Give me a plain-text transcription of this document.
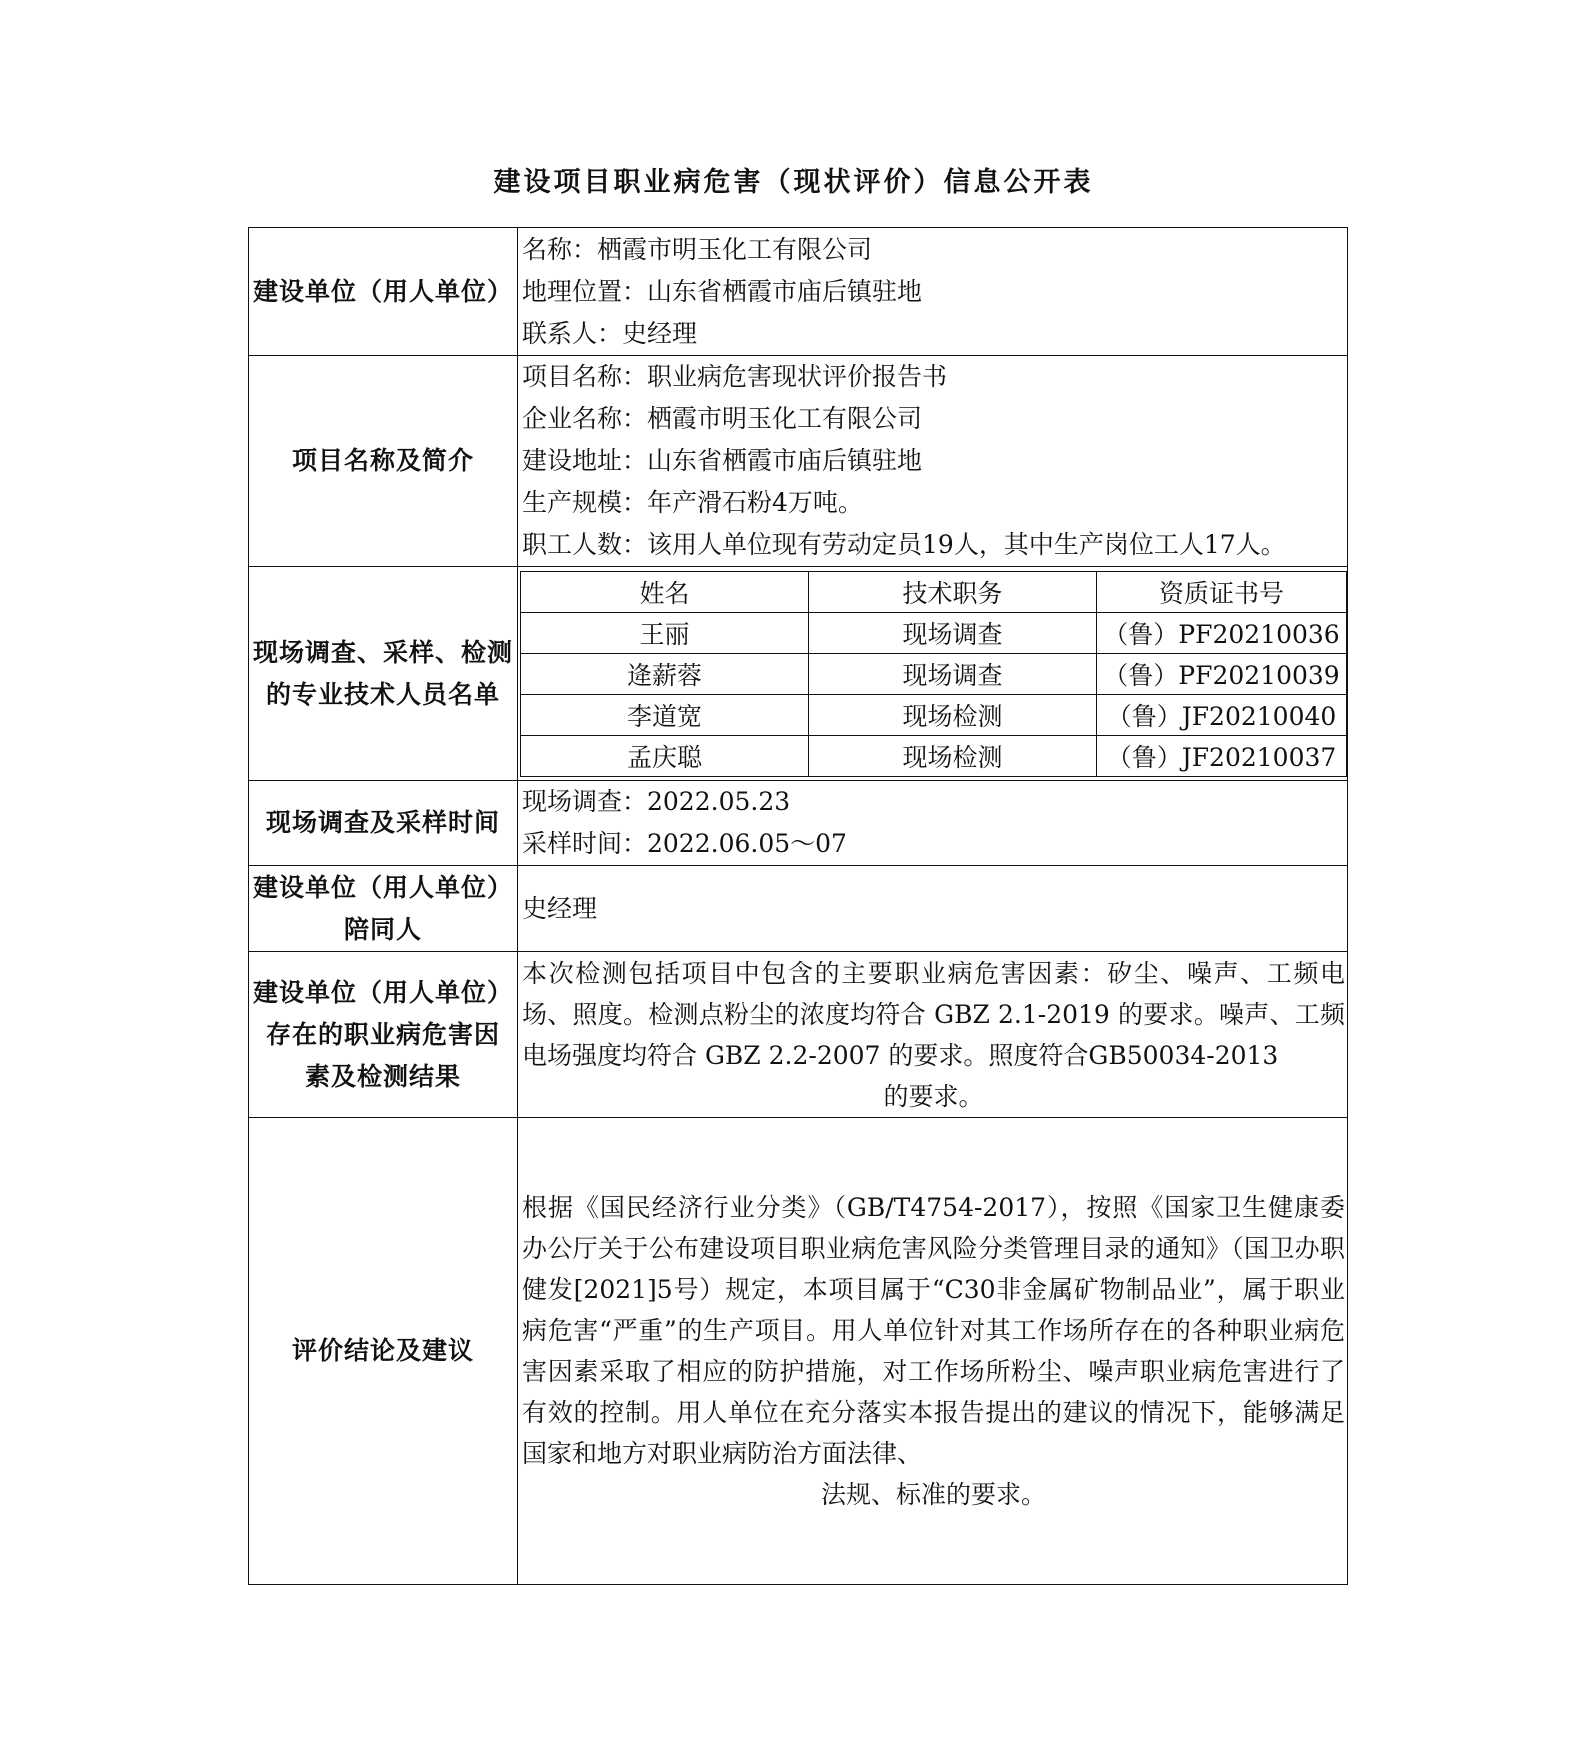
建设项目职业病危害（现状评价）信息公开表
建设单位（用人单位）	
名称：栖霞市明玉化工有限公司
地理位置：山东省栖霞市庙后镇驻地
联系人：史经理

项目名称及简介	
项目名称：职业病危害现状评价报告书
企业名称：栖霞市明玉化工有限公司
建设地址：山东省栖霞市庙后镇驻地
生产规模：年产滑石粉4万吨。
职工人数：该用人单位现有劳动定员19人，其中生产岗位工人17人。

现场调查、采样、检测
的专业技术人员名单

姓名	技术职务	资质证书号
王丽	现场调查	（鲁）PF20210036
逄薪蓉	现场调查	（鲁）PF20210039
李道宽	现场检测	（鲁）JF20210040
孟庆聪	现场检测	（鲁）JF20210037

现场调查及采样时间	
现场调查：2022.05.23
采样时间：2022.06.05～07

建设单位（用人单位）
陪同人
	史经理

建设单位（用人单位）
存在的职业病危害因
素及检测结果

本次检测包括项目中包含的主要职业病危害因素：矽尘、噪声、工频电场、照度。检测点粉尘的浓度均符合 GBZ 2.1-2019 的要求。噪声、工频电场强度均符合 GBZ 2.2-2007 的要求。照度符合GB50034-2013
的要求。

评价结论及建议	
根据《国民经济行业分类》（GB/T4754-2017），按照《国家卫生健康委办公厅关于公布建设项目职业病危害风险分类管理目录的通知》（国卫办职健发[2021]5号）规定，本项目属于“C30非金属矿物制品业”，属于职业病危害“严重”的生产项目。用人单位针对其工作场所存在的各种职业病危害因素采取了相应的防护措施，对工作场所粉尘、噪声职业病危害进行了有效的控制。用人单位在充分落实本报告提出的建议的情况下，能够满足国家和地方对职业病防治方面法律、
法规、标准的要求。
